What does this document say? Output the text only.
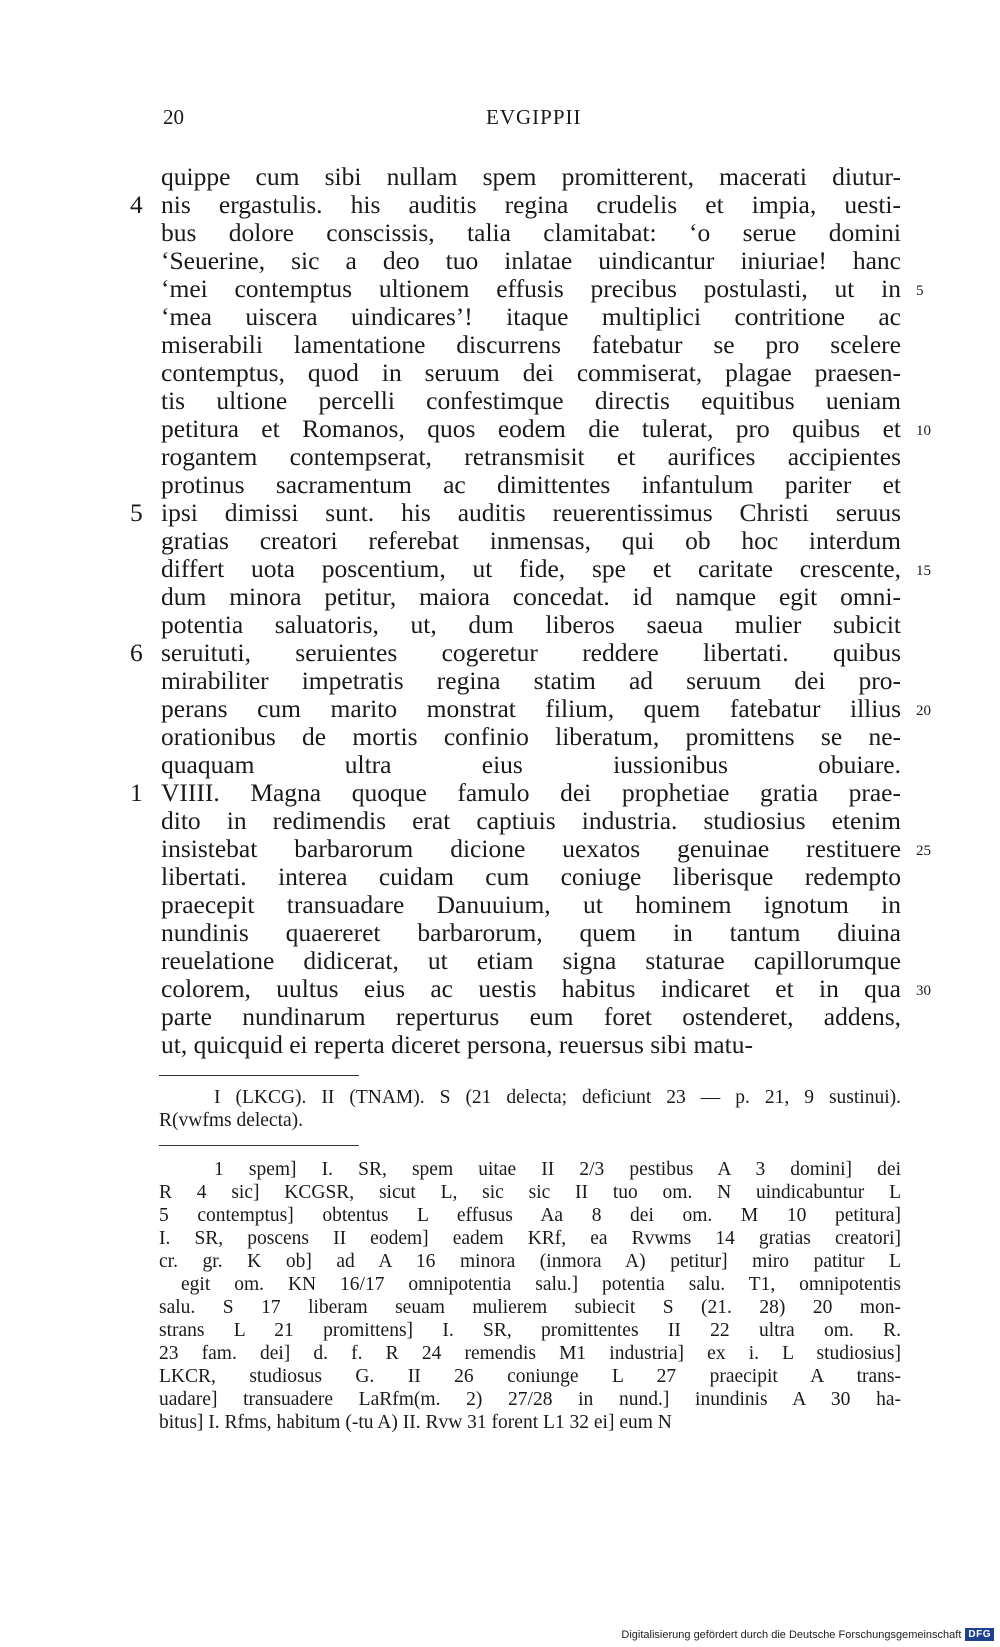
20	EVGIPPII
quippe cum sibi nullam spem promitterent, macerati diutur-
nis ergastulis. his auditis regina crudelis et impia, uesti-
4
bus dolore conscissis, talia clamitabat: ‘o serue domini
‘Seuerine, sic a deo tuo inlatae uindicantur iniuriae! hanc
‘mei contemptus ultionem effusis precibus postulasti, ut in 5
‘mea uiscera uindicares’! itaque multiplici contritione ac
miserabili lamentatione discurrens fatebatur se pro scelere
contemptus, quod in seruum dei commiserat, plagae praesen-
tis ultione percelli confestimque directis equitibus ueniam
petitura et Romanos, quos eodem die tulerat, pro quibus et 10
rogantem contempserat, retransmisit et aurifices accipientes
protinus sacramentum ac dimittentes infantulum pariter et
ipsi dimissi sunt. his auditis reuerentissimus Christi seruus
5
gratias creatori referebat inmensas, qui ob hoc interdum
differt uota poscentium, ut fide, spe et caritate crescente, 15
dum minora petitur, maiora concedat. id namque egit omni-
potentia saluatoris, ut, dum liberos saeua mulier subicit
seruituti, seruientes cogeretur reddere libertati. quibus
6
mirabiliter impetratis regina statim ad seruum dei pro-
perans cum marito monstrat filium, quem fatebatur illius 20
orationibus de mortis confinio liberatum, promittens se ne-
quaquam ultra eius iussionibus obuiare.
VIIII. Magna quoque famulo dei prophetiae gratia prae-
1
dito in redimendis erat captiuis industria. studiosius etenim
insistebat barbarorum dicione uexatos genuinae restituere 25
libertati. interea cuidam cum coniuge liberisque redempto
praecepit transuadare Danuuium, ut hominem ignotum in
nundinis quaereret barbarorum, quem in tantum diuina
reuelatione didicerat, ut etiam signa staturae capillorumque
colorem, uultus eius ac uestis habitus indicaret et in qua 30
parte nundinarum reperturus eum foret ostenderet, addens,
ut, quicquid ei reperta diceret persona, reuersus sibi matu-
I (LKCG). II (TNAM). S (21 delecta; deficiunt 23 — p. 21, 9 sustinui).
R(vwfms delecta).
1 spem] I. SR, spem uitae II 2/3 pestibus A 3 domini] dei
R 4 sic] KCGSR, sicut L, sic sic II tuo om. N uindicabuntur L
5 contemptus] obtentus L effusus Aa 8 dei om. M 10 petitura]
I. SR, poscens II eodem] eadem KRf, ea Rvwms 14 gratias creatori]
cr. gr. K ob] ad A 16 minora (inmora A) petitur] miro patitur L
egit om. KN 16/17 omnipotentia salu.] potentia salu. T1, omnipotentis
salu. S 17 liberam seuam mulierem subiecit S (21. 28) 20 mon-
strans L 21 promittens] I. SR, promittentes II 22 ultra om. R.
23 fam. dei] d. f. R 24 remendis M1 industria] ex i. L studiosius]
LKCR, studiosus G. II 26 coniunge L 27 praecipit A trans-
uadare] transuadere LaRfm(m. 2) 27/28 in nund.] inundinis A 30 ha-
bitus] I. Rfms, habitum (-tu A) II. Rvw 31 forent L1 32 ei] eum N
Digitalisierung gefördert durch die Deutsche Forschungsgemeinschaft DFG
